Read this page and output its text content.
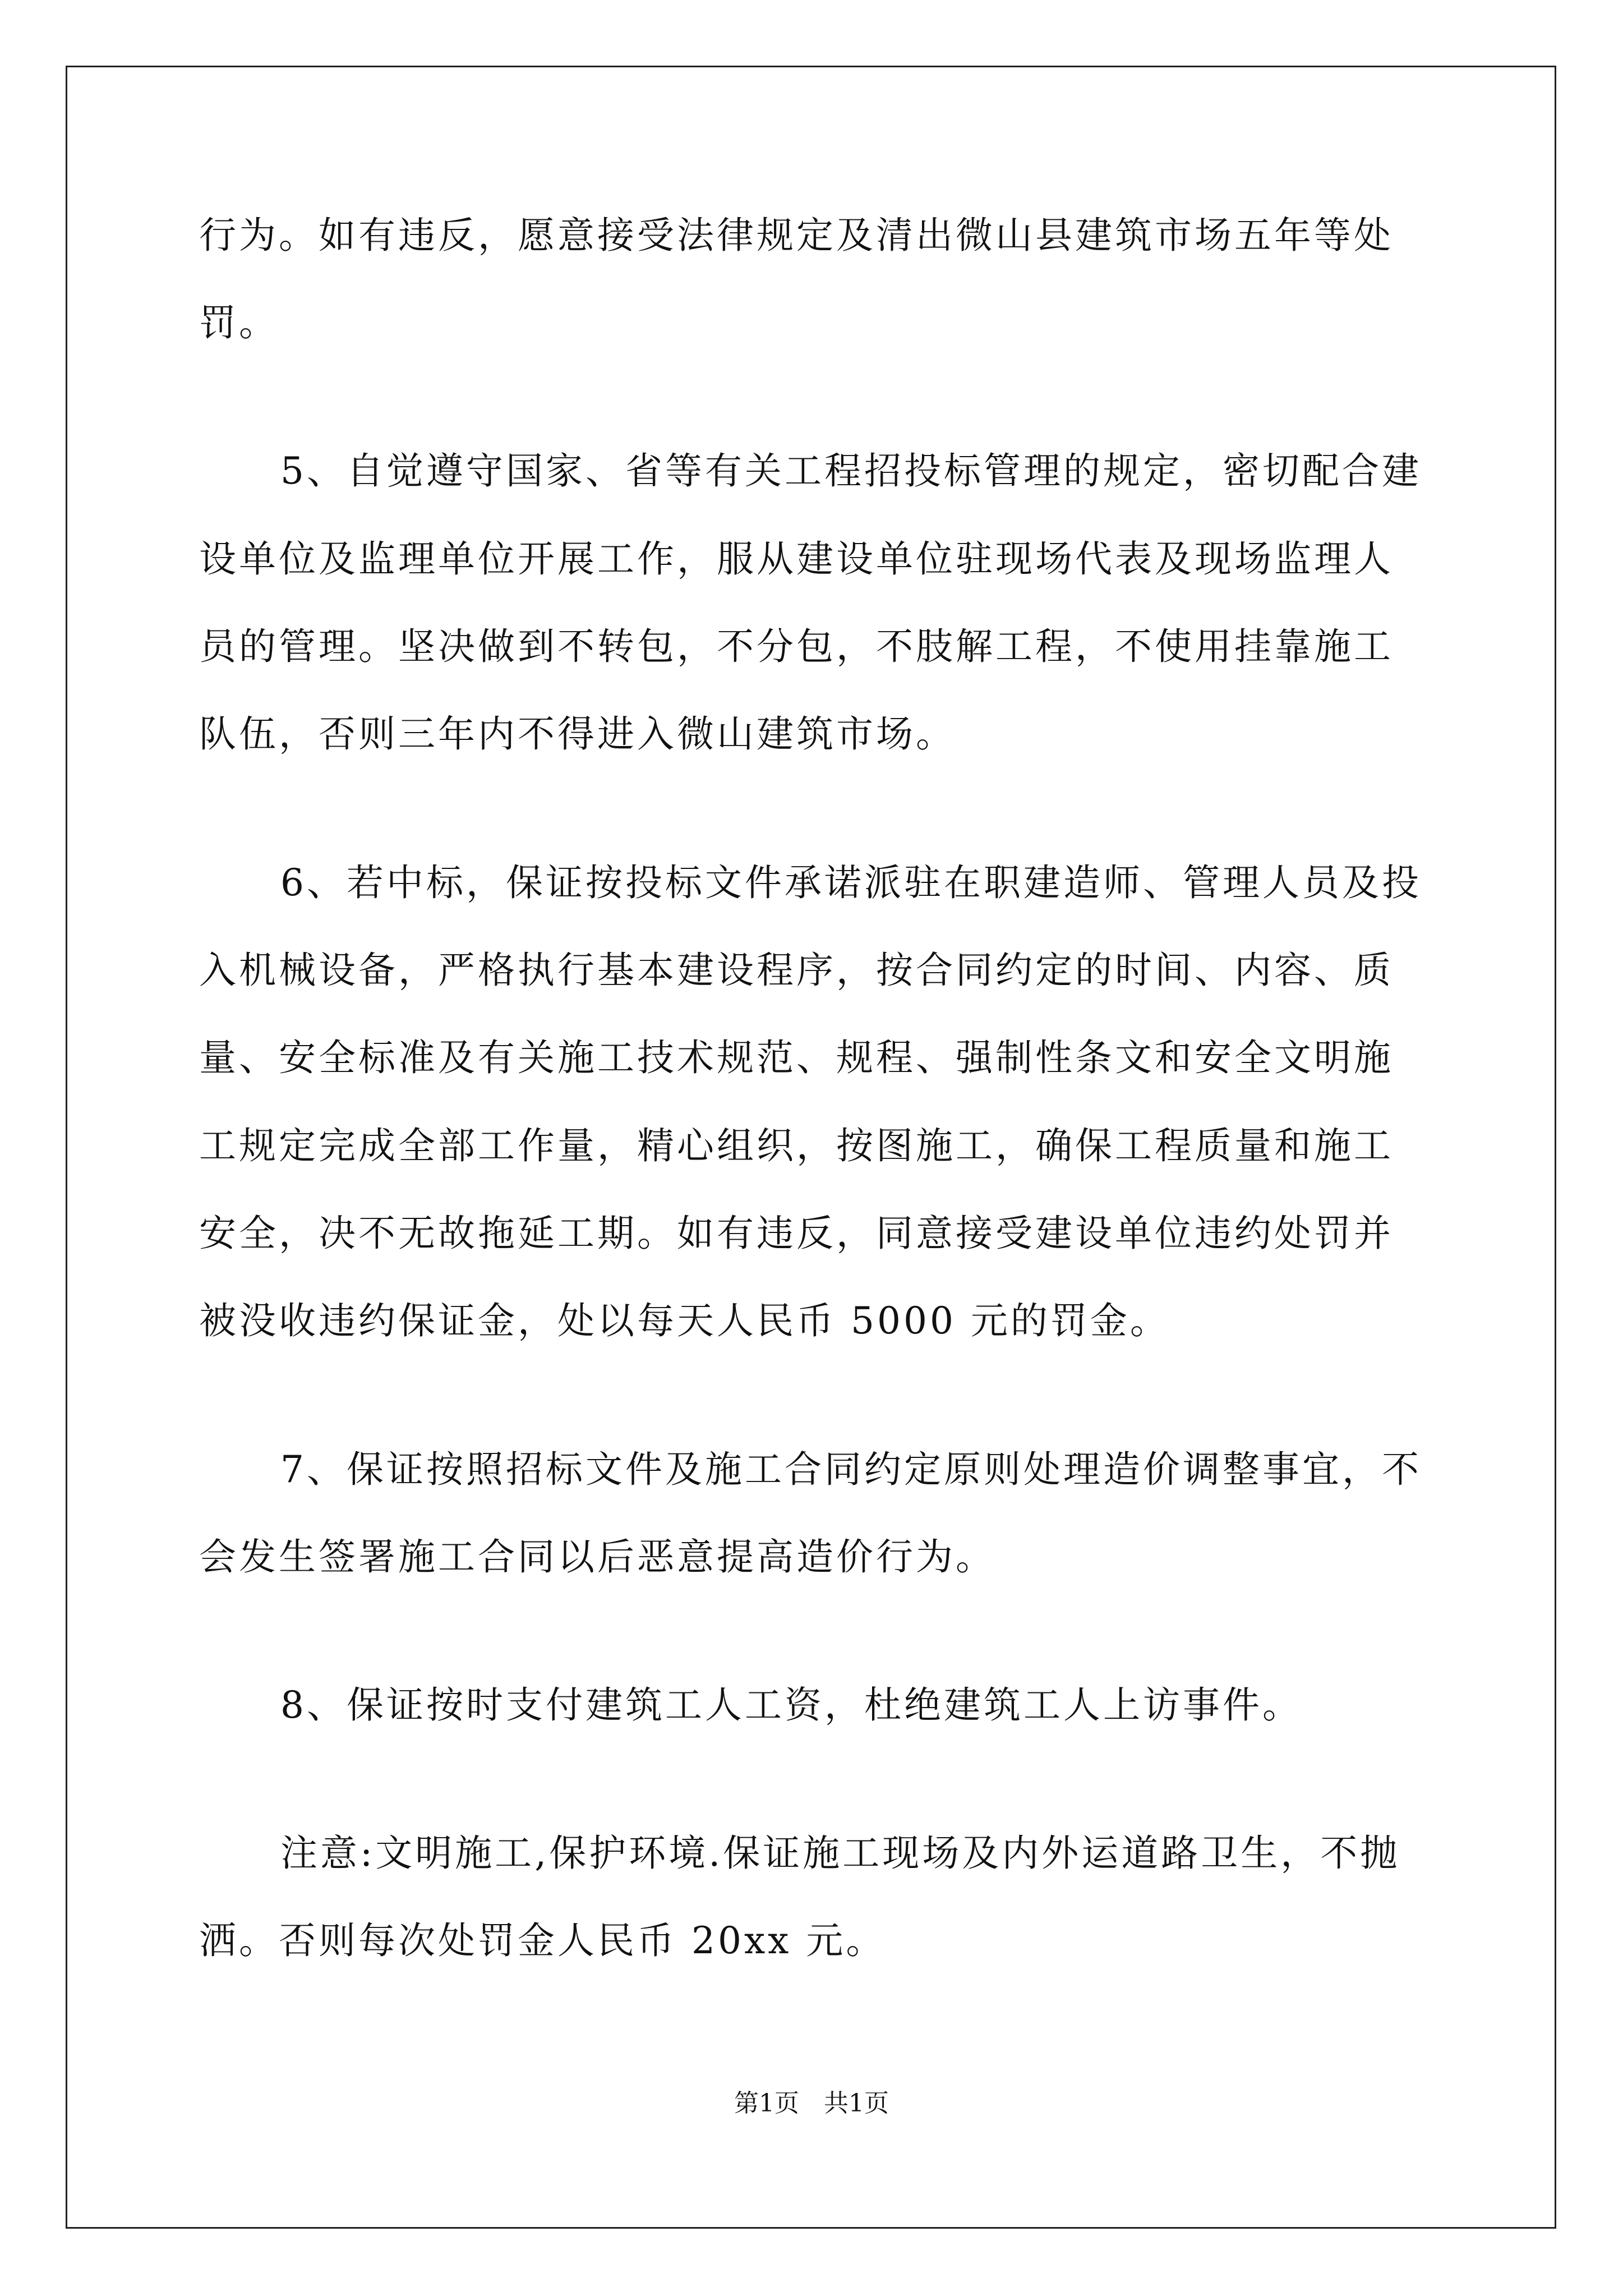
行为。如有违反，愿意接受法律规定及清出微山县建筑市场五年等处
罚。
5、自觉遵守国家、省等有关工程招投标管理的规定，密切配合建
设单位及监理单位开展工作，服从建设单位驻现场代表及现场监理人
员的管理。坚决做到不转包，不分包，不肢解工程，不使用挂靠施工
队伍，否则三年内不得进入微山建筑市场。
6、若中标，保证按投标文件承诺派驻在职建造师、管理人员及投
入机械设备，严格执行基本建设程序，按合同约定的时间、内容、质
量、安全标准及有关施工技术规范、规程、强制性条文和安全文明施
工规定完成全部工作量，精心组织，按图施工，确保工程质量和施工
安全，决不无故拖延工期。如有违反，同意接受建设单位违约处罚并
被没收违约保证金，处以每天人民币 5000 元的罚金。
7、保证按照招标文件及施工合同约定原则处理造价调整事宜，不
会发生签署施工合同以后恶意提高造价行为。
8、保证按时支付建筑工人工资，杜绝建筑工人上访事件。
注意:文明施工,保护环境.保证施工现场及内外运道路卫生，不抛
洒。否则每次处罚金人民币 20xx 元。
第1页　共1页
